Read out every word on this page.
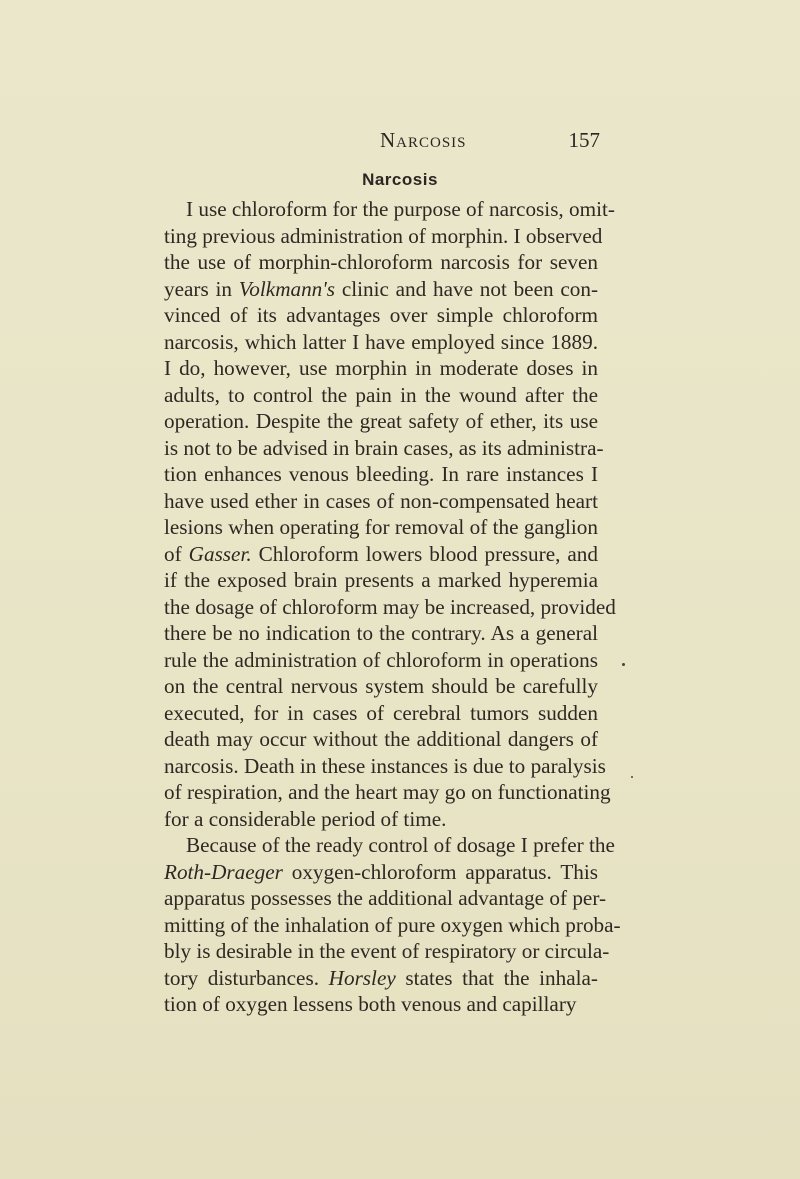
Narcosis	157
Narcosis
I use chloroform for the purpose of narcosis, omit-
ting previous administration of morphin. I observed
the use of morphin-chloroform narcosis for seven
years in Volkmann's clinic and have not been con-
vinced of its advantages over simple chloroform
narcosis, which latter I have employed since 1889.
I do, however, use morphin in moderate doses in
adults, to control the pain in the wound after the
operation. Despite the great safety of ether, its use
is not to be advised in brain cases, as its administra-
tion enhances venous bleeding. In rare instances I
have used ether in cases of non-compensated heart
lesions when operating for removal of the ganglion
of Gasser. Chloroform lowers blood pressure, and
if the exposed brain presents a marked hyperemia
the dosage of chloroform may be increased, provided
there be no indication to the contrary. As a general
rule the administration of chloroform in operations
on the central nervous system should be carefully
executed, for in cases of cerebral tumors sudden
death may occur without the additional dangers of
narcosis. Death in these instances is due to paralysis
of respiration, and the heart may go on functionating
for a considerable period of time.
Because of the ready control of dosage I prefer the
Roth-Draeger oxygen-chloroform apparatus. This
apparatus possesses the additional advantage of per-
mitting of the inhalation of pure oxygen which proba-
bly is desirable in the event of respiratory or circula-
tory disturbances. Horsley states that the inhala-
tion of oxygen lessens both venous and capillary
